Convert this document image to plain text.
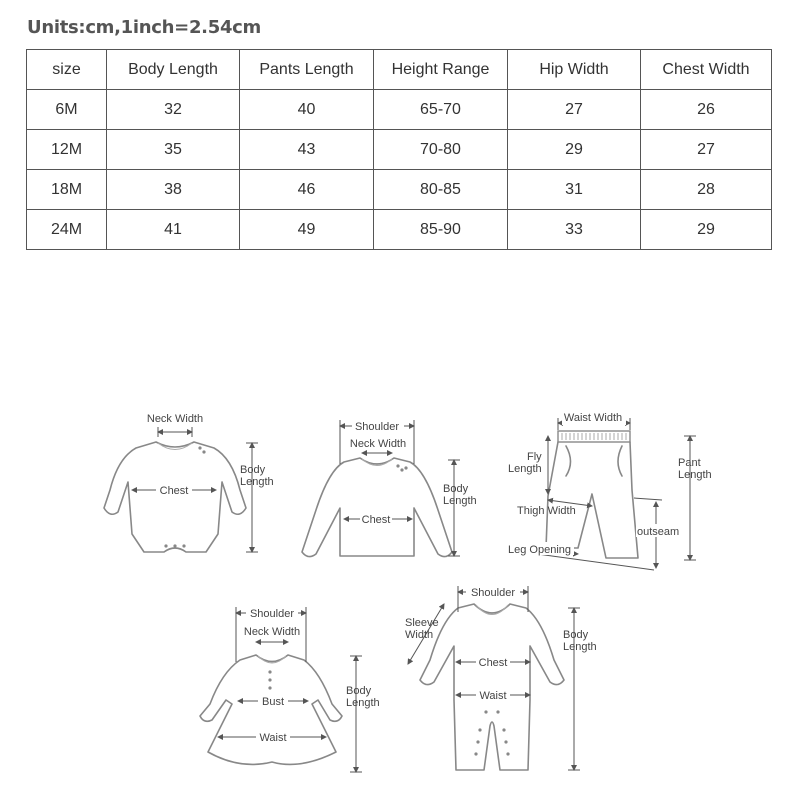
Units:cm,1inch=2.54cm
size	Body Length	Pants Length	Height Range	Hip Width	Chest Width
6M	32	40	65-70	27	26
12M	35	43	70-80	29	27
18M	38	46	80-85	31	28
24M	41	49	85-90	33	29
Neck Width
Chest
Body
Length
Shoulder
Neck Width
Chest
Body
Length
Waist Width
Fly
Length	Pant
Length
Thigh Width
outseam
Leg Opening
Shoulder
Neck Width
Bust
Waist
Body
Length
Shoulder
Sleeve
Width
Chest
Waist
Body
Length
